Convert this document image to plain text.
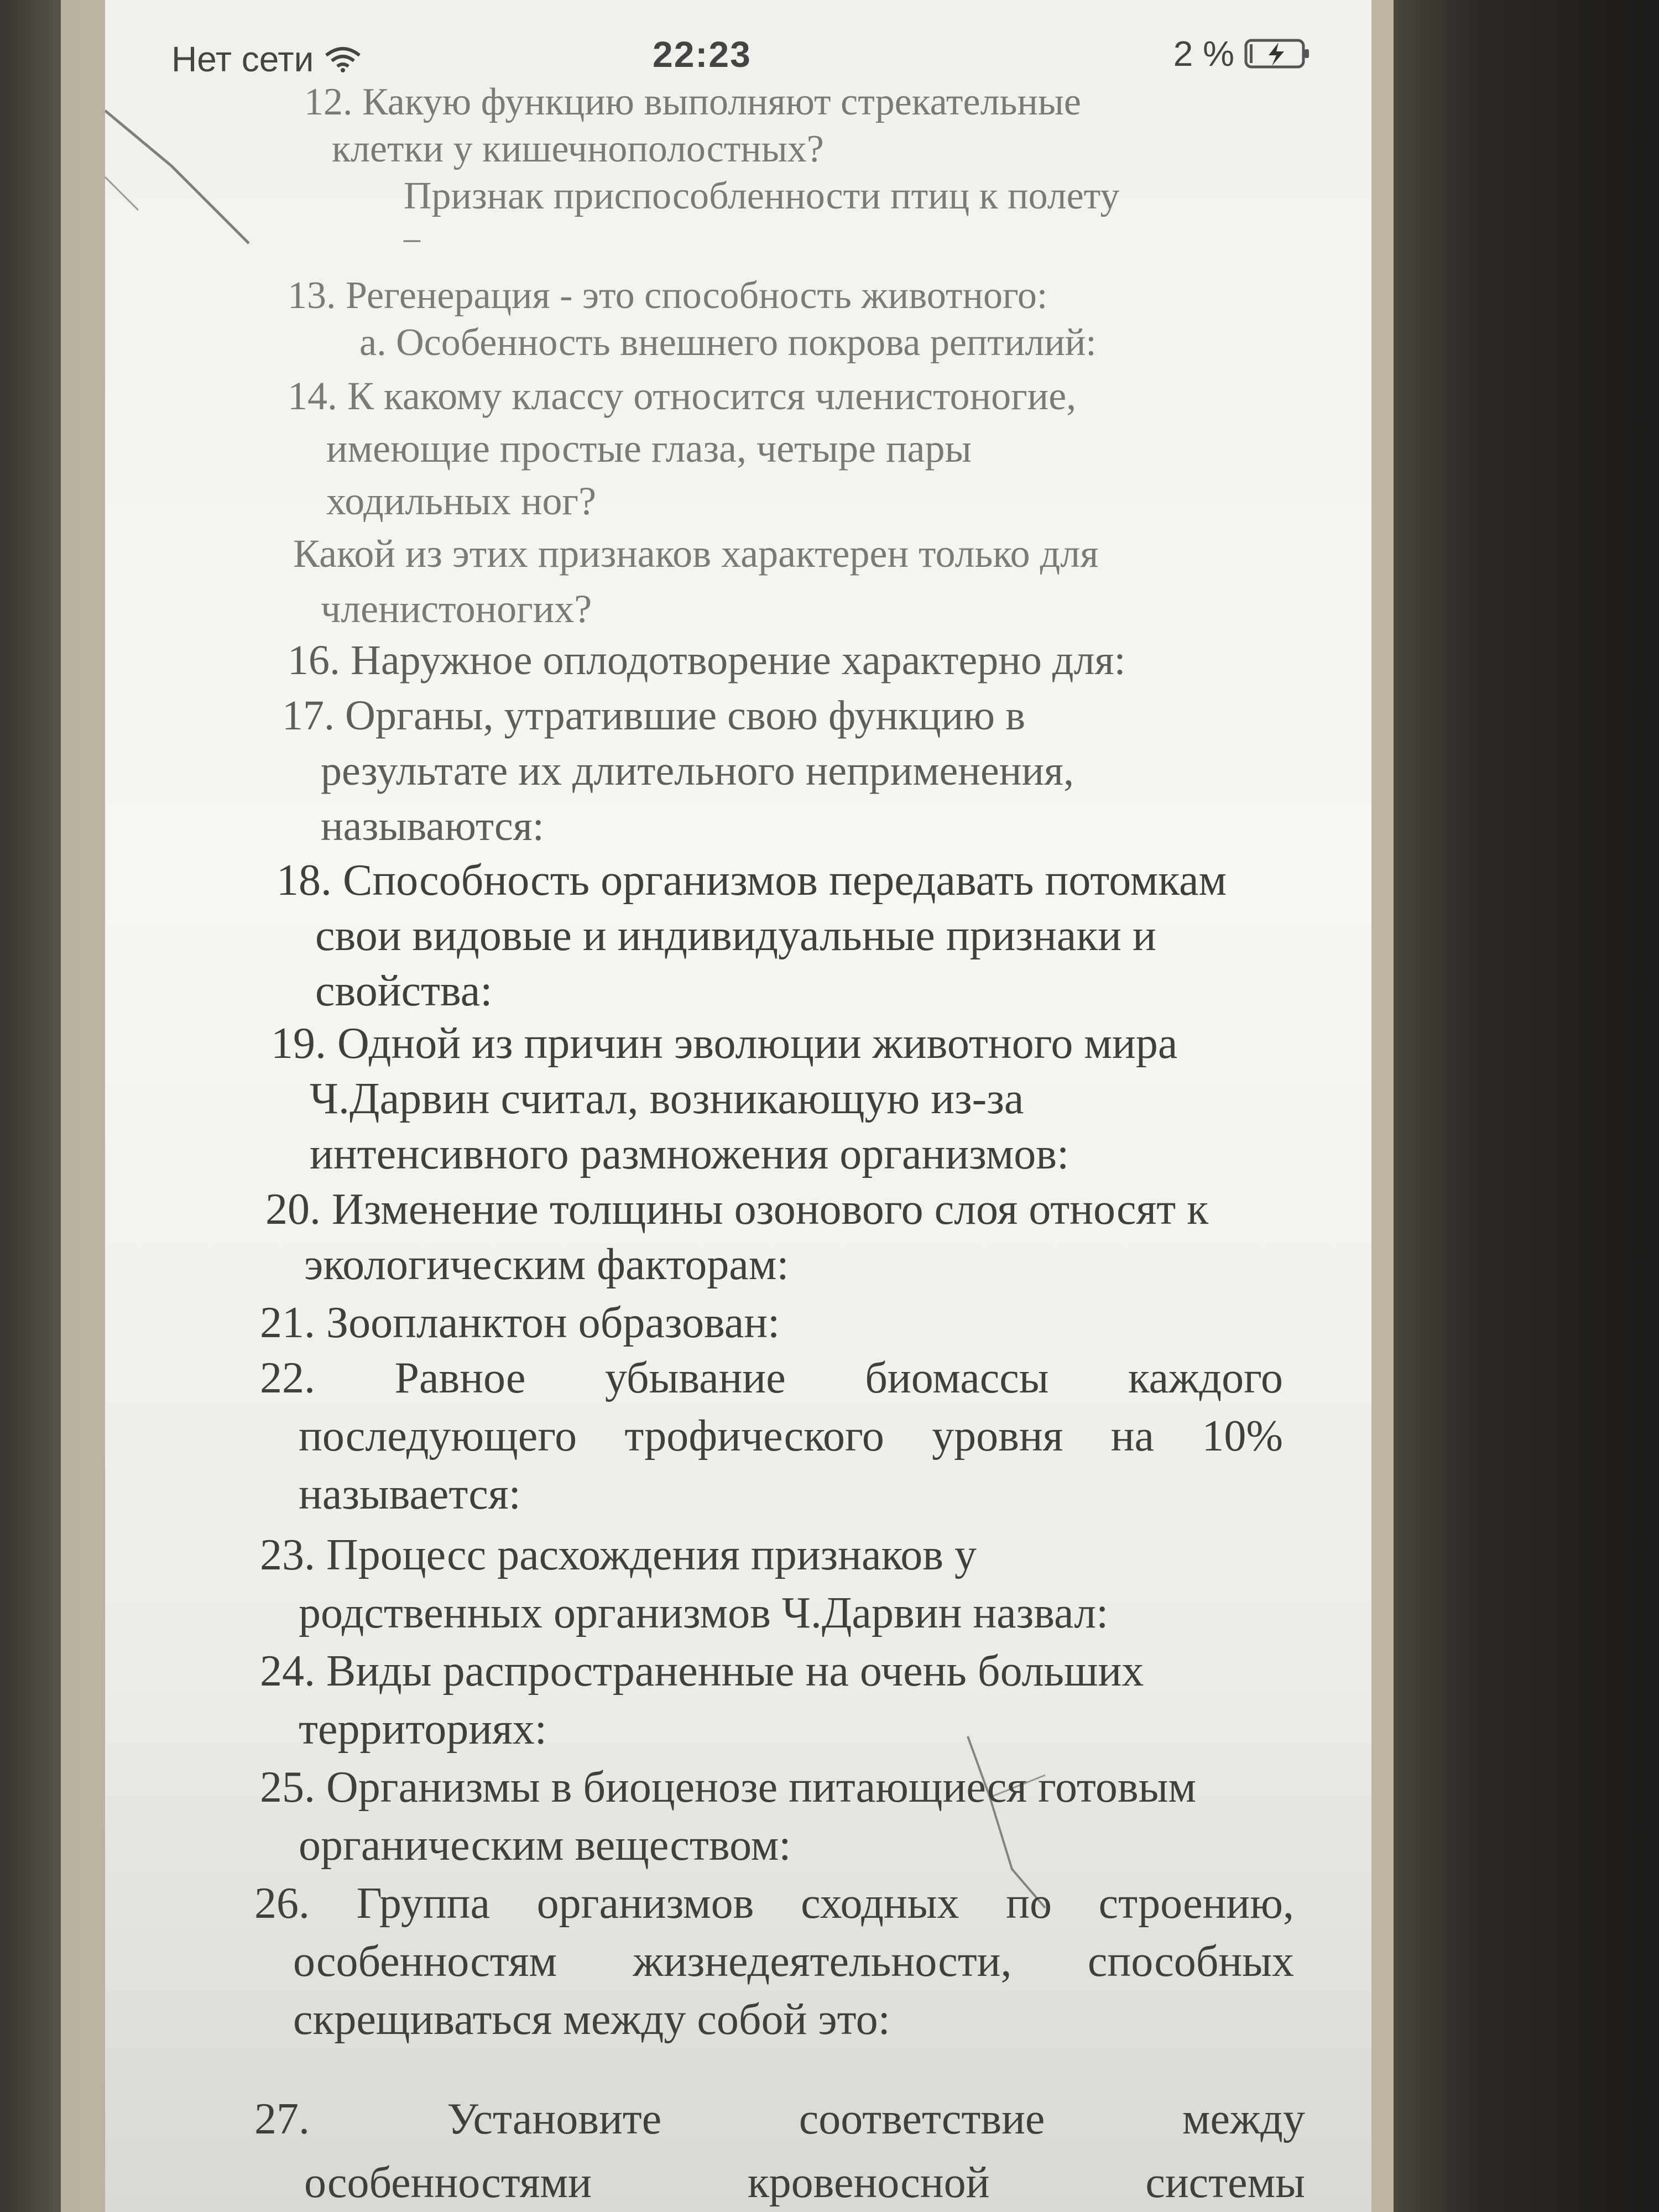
Нет сети	22:23	2 %

12. Какую функцию выполняют стрекательные

клетки у кишечнополостных?

Признак приспособленности птиц к полету

–

13. Регенерация - это способность животного:

а. Особенность внешнего покрова рептилий:

14. К какому классу относится членистоногие,

имеющие простые глаза, четыре пары

ходильных ног?

Какой из этих признаков характерен только для

членистоногих?

16. Наружное оплодотворение характерно для:

17. Органы, утратившие свою функцию в

результате их длительного неприменения,

называются:

18. Способность организмов передавать потомкам

свои видовые и индивидуальные признаки и

свойства:

19. Одной из причин эволюции животного мира

Ч.Дарвин считал, возникающую из-за

интенсивного размножения организмов:

20. Изменение толщины озонового слоя относят к

экологическим факторам:

21. Зоопланктон образован:

22. Равное убывание биомассы каждого
последующего трофического уровня на 10%

называется:

23. Процесс расхождения признаков у

родственных организмов Ч.Дарвин назвал:

24. Виды распространенные на очень больших

территориях:

25. Организмы в биоценозе питающиеся готовым

органическим веществом:

26. Группа организмов сходных по строению,
особенностям жизнедеятельности, способных

скрещиваться между собой это:

27.	Установите	соответствие	между
особенностями	кровеносной	системы
